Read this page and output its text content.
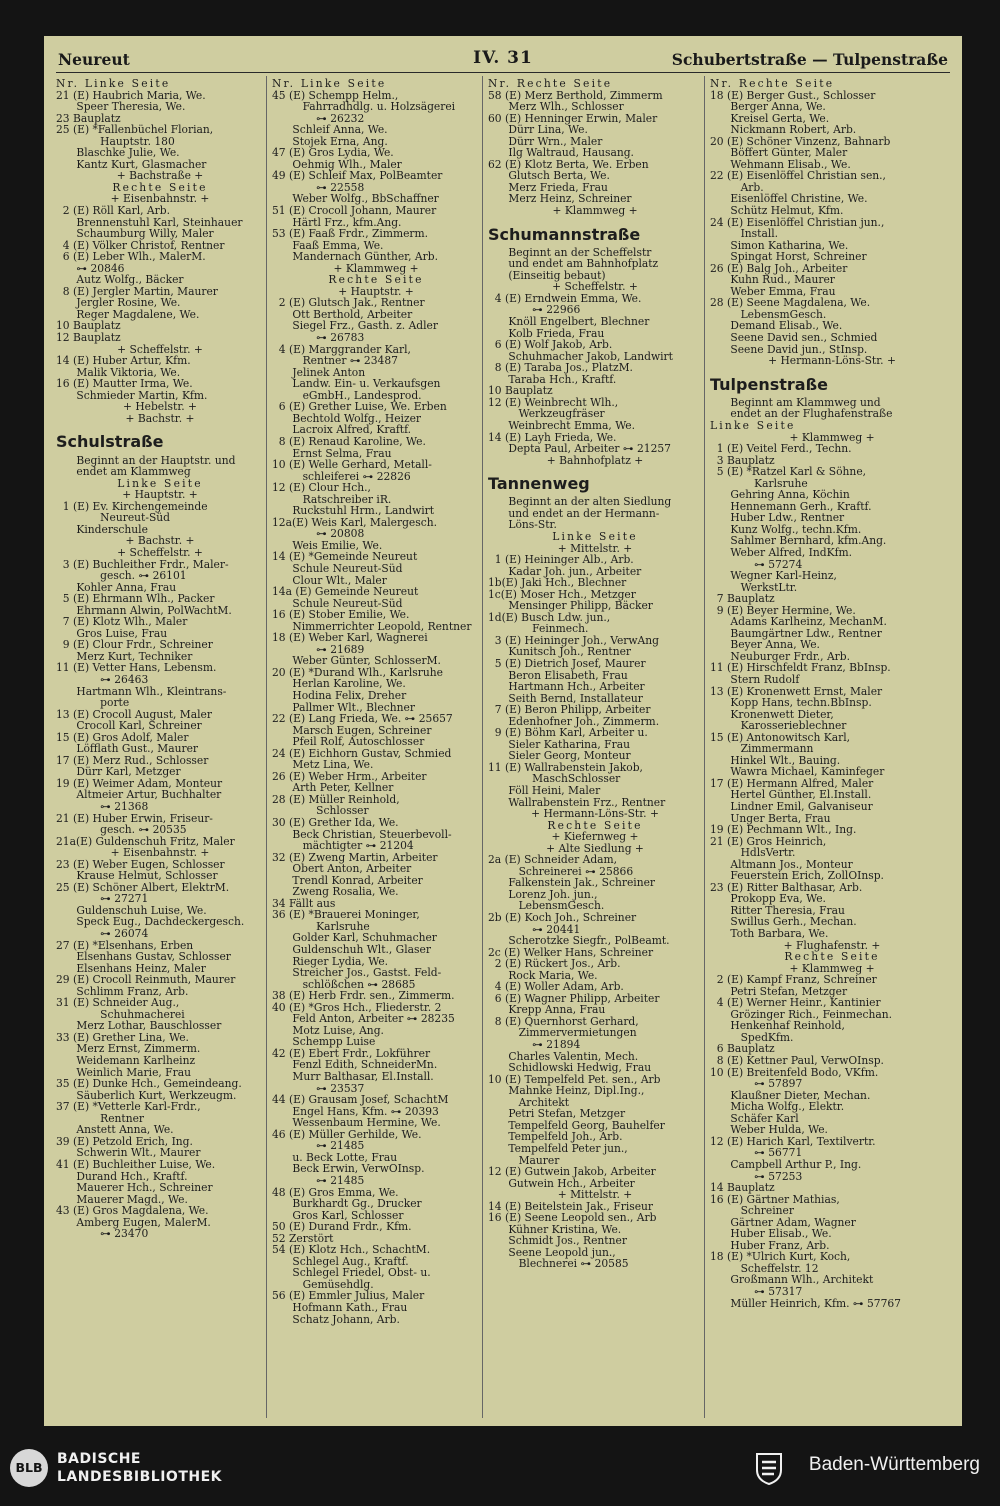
Neureut	IV. 31	Schubertstraße — Tulpenstraße
Nr. Linke Seite
21 (E) Haubrich Maria, We.
Speer Theresia, We.
23 Bauplatz
25 (E) *Fallenbüchel Florian,
Hauptstr. 180
Blaschke Julie, We.
Kantz Kurt, Glasmacher
+ Bachstraße +
Rechte Seite
+ Eisenbahnstr. +
2 (E) Röll Karl, Arb.
Brennenstuhl Karl, Steinhauer
Schaumburg Willy, Maler
4 (E) Völker Christof, Rentner
6 (E) Leber Wlh., MalerM.
⊶ 20846
Autz Wolfg., Bäcker
8 (E) Jergler Martin, Maurer
Jergler Rosine, We.
Reger Magdalene, We.
10 Bauplatz
12 Bauplatz
+ Scheffelstr. +
14 (E) Huber Artur, Kfm.
Malik Viktoria, We.
16 (E) Mautter Irma, We.
Schmieder Martin, Kfm.
+ Hebelstr. +
+ Bachstr. +
Schulstraße
Beginnt an der Hauptstr. und
endet am Klammweg
Linke Seite
+ Hauptstr. +
1 (E) Ev. Kirchengemeinde
Neureut-Süd
Kinderschule
+ Bachstr. +
+ Scheffelstr. +
3 (E) Buchleither Frdr., Maler-
gesch. ⊶ 26101
Kohler Anna, Frau
5 (E) Ehrmann Wlh., Packer
Ehrmann Alwin, PolWachtM.
7 (E) Klotz Wlh., Maler
Gros Luise, Frau
9 (E) Clour Frdr., Schreiner
Merz Kurt, Techniker
11 (E) Vetter Hans, Lebensm.
⊶ 26463
Hartmann Wlh., Kleintrans-
porte
13 (E) Crocoll August, Maler
Crocoll Karl, Schreiner
15 (E) Gros Adolf, Maler
Löfflath Gust., Maurer
17 (E) Merz Rud., Schlosser
Dürr Karl, Metzger
19 (E) Weimer Adam, Monteur
Altmeier Artur, Buchhalter
⊶ 21368
21 (E) Huber Erwin, Friseur-
gesch. ⊶ 20535
21a(E) Guldenschuh Fritz, Maler
+ Eisenbahnstr. +
23 (E) Weber Eugen, Schlosser
Krause Helmut, Schlosser
25 (E) Schöner Albert, ElektrM.
⊶ 27271
Guldenschuh Luise, We.
Speck Eug., Dachdeckergesch.
⊶ 26074
27 (E) *Elsenhans, Erben
Elsenhans Gustav, Schlosser
Elsenhans Heinz, Maler
29 (E) Crocoll Reinmuth, Maurer
Schlimm Franz, Arb.
31 (E) Schneider Aug.,
Schuhmacherei
Merz Lothar, Bauschlosser
33 (E) Grether Lina, We.
Merz Ernst, Zimmerm.
Weidemann Karlheinz
Weinlich Marie, Frau
35 (E) Dunke Hch., Gemeindeang.
Säuberlich Kurt, Werkzeugm.
37 (E) *Vetterle Karl-Frdr.,
Rentner
Anstett Anna, We.
39 (E) Petzold Erich, Ing.
Schwerin Wlt., Maurer
41 (E) Buchleither Luise, We.
Durand Hch., Kraftf.
Mauerer Hch., Schreiner
Mauerer Magd., We.
43 (E) Gros Magdalena, We.
Amberg Eugen, MalerM.
⊶ 23470
Nr. Linke Seite
45 (E) Schempp Helm.,
Fahrradhdlg. u. Holzsägerei
⊶ 26232
Schleif Anna, We.
Stojek Erna, Ang.
47 (E) Gros Lydia, We.
Oehmig Wlh., Maler
49 (E) Schleif Max, PolBeamter
⊶ 22558
Weber Wolfg., BbSchaffner
51 (E) Crocoll Johann, Maurer
Härtl Frz., kfm.Ang.
53 (E) Faaß Frdr., Zimmerm.
Faaß Emma, We.
Mandernach Günther, Arb.
+ Klammweg +
Rechte Seite
+ Hauptstr. +
2 (E) Glutsch Jak., Rentner
Ott Berthold, Arbeiter
Siegel Frz., Gasth. z. Adler
⊶ 26783
4 (E) Marggrander Karl,
Rentner ⊶ 23487
Jelinek Anton
Landw. Ein- u. Verkaufsgen
eGmbH., Landesprod.
6 (E) Grether Luise, We. Erben
Bechtold Wolfg., Heizer
Lacroix Alfred, Kraftf.
8 (E) Renaud Karoline, We.
Ernst Selma, Frau
10 (E) Welle Gerhard, Metall-
schleiferei ⊶ 22826
12 (E) Clour Hch.,
Ratschreiber iR.
Ruckstuhl Hrm., Landwirt
12a(E) Weis Karl, Malergesch.
⊶ 20808
Weis Emilie, We.
14 (E) *Gemeinde Neureut
Schule Neureut-Süd
Clour Wlt., Maler
14a (E) Gemeinde Neureut
Schule Neureut-Süd
16 (E) Stober Emilie, We.
Nimmerrichter Leopold, Rentner
18 (E) Weber Karl, Wagnerei
⊶ 21689
Weber Günter, SchlosserM.
20 (E) *Durand Wlh., Karlsruhe
Herlan Karoline, We.
Hodina Felix, Dreher
Pallmer Wlt., Blechner
22 (E) Lang Frieda, We. ⊶ 25657
Marsch Eugen, Schreiner
Pfeil Rolf, Autoschlosser
24 (E) Eichhorn Gustav, Schmied
Metz Lina, We.
26 (E) Weber Hrm., Arbeiter
Arth Peter, Kellner
28 (E) Müller Reinhold,
Schlosser
30 (E) Grether Ida, We.
Beck Christian, Steuerbevoll-
mächtigter ⊶ 21204
32 (E) Zweng Martin, Arbeiter
Obert Anton, Arbeiter
Trendl Konrad, Arbeiter
Zweng Rosalia, We.
34 Fällt aus
36 (E) *Brauerei Moninger,
Karlsruhe
Golder Karl, Schuhmacher
Guldenschuh Wlt., Glaser
Rieger Lydia, We.
Streicher Jos., Gastst. Feld-
schlößchen ⊶ 28685
38 (E) Herb Frdr. sen., Zimmerm.
40 (E) *Gros Hch., Fliederstr. 2
Feld Anton, Arbeiter ⊶ 28235
Motz Luise, Ang.
Schempp Luise
42 (E) Ebert Frdr., Lokführer
Fenzl Edith, SchneiderMn.
Murr Balthasar, El.Install.
⊶ 23537
44 (E) Grausam Josef, SchachtM
Engel Hans, Kfm. ⊶ 20393
Wessenbaum Hermine, We.
46 (E) Müller Gerhilde, We.
⊶ 21485
u. Beck Lotte, Frau
Beck Erwin, VerwOInsp.
⊶ 21485
48 (E) Gros Emma, We.
Burkhardt Gg., Drucker
Gros Karl, Schlosser
50 (E) Durand Frdr., Kfm.
52 Zerstört
54 (E) Klotz Hch., SchachtM.
Schlegel Aug., Kraftf.
Schlegel Friedel, Obst- u.
Gemüsehdlg.
56 (E) Emmler Julius, Maler
Hofmann Kath., Frau
Schatz Johann, Arb.
Nr. Rechte Seite
58 (E) Merz Berthold, Zimmerm
Merz Wlh., Schlosser
60 (E) Henninger Erwin, Maler
Dürr Lina, We.
Dürr Wrn., Maler
Ilg Waltraud, Hausang.
62 (E) Klotz Berta, We. Erben
Glutsch Berta, We.
Merz Frieda, Frau
Merz Heinz, Schreiner
+ Klammweg +
Schumannstraße
Beginnt an der Scheffelstr
und endet am Bahnhofplatz
(Einseitig bebaut)
+ Scheffelstr. +
4 (E) Erndwein Emma, We.
⊶ 22966
Knöll Engelbert, Blechner
Kolb Frieda, Frau
6 (E) Wolf Jakob, Arb.
Schuhmacher Jakob, Landwirt
8 (E) Taraba Jos., PlatzM.
Taraba Hch., Kraftf.
10 Bauplatz
12 (E) Weinbrecht Wlh.,
Werkzeugfräser
Weinbrecht Emma, We.
14 (E) Layh Frieda, We.
Depta Paul, Arbeiter ⊶ 21257
+ Bahnhofplatz +
Tannenweg
Beginnt an der alten Siedlung
und endet an der Hermann-
Löns-Str.
Linke Seite
+ Mittelstr. +
1 (E) Heininger Alb., Arb.
Kadar Joh. jun., Arbeiter
1b(E) Jaki Hch., Blechner
1c(E) Moser Hch., Metzger
Mensinger Philipp, Bäcker
1d(E) Busch Ldw. jun.,
Feinmech.
3 (E) Heininger Joh., VerwAng
Kunitsch Joh., Rentner
5 (E) Dietrich Josef, Maurer
Beron Elisabeth, Frau
Hartmann Hch., Arbeiter
Seith Bernd, Installateur
7 (E) Beron Philipp, Arbeiter
Edenhofner Joh., Zimmerm.
9 (E) Böhm Karl, Arbeiter u.
Sieler Katharina, Frau
Sieler Georg, Monteur
11 (E) Wallrabenstein Jakob,
MaschSchlosser
Föll Heini, Maler
Wallrabenstein Frz., Rentner
+ Hermann-Löns-Str. +
Rechte Seite
+ Kiefernweg +
+ Alte Siedlung +
2a (E) Schneider Adam,
Schreinerei ⊶ 25866
Falkenstein Jak., Schreiner
Lorenz Joh. jun.,
LebensmGesch.
2b (E) Koch Joh., Schreiner
⊶ 20441
Scherotzke Siegfr., PolBeamt.
2c (E) Welker Hans, Schreiner
2 (E) Rückert Jos., Arb.
Rock Maria, We.
4 (E) Woller Adam, Arb.
6 (E) Wagner Philipp, Arbeiter
Krepp Anna, Frau
8 (E) Quernhorst Gerhard,
Zimmervermietungen
⊶ 21894
Charles Valentin, Mech.
Schidlowski Hedwig, Frau
10 (E) Tempelfeld Pet. sen., Arb
Mahnke Heinz, Dipl.Ing.,
Architekt
Petri Stefan, Metzger
Tempelfeld Georg, Bauhelfer
Tempelfeld Joh., Arb.
Tempelfeld Peter jun.,
Maurer
12 (E) Gutwein Jakob, Arbeiter
Gutwein Hch., Arbeiter
+ Mittelstr. +
14 (E) Beitelstein Jak., Friseur
16 (E) Seene Leopold sen., Arb
Kühner Kristina, We.
Schmidt Jos., Rentner
Seene Leopold jun.,
Blechnerei ⊶ 20585
Nr. Rechte Seite
18 (E) Berger Gust., Schlosser
Berger Anna, We.
Kreisel Gerta, We.
Nickmann Robert, Arb.
20 (E) Schöner Vinzenz, Bahnarb
Böffert Günter, Maler
Wehmann Elisab., We.
22 (E) Eisenlöffel Christian sen.,
Arb.
Eisenlöffel Christine, We.
Schütz Helmut, Kfm.
24 (E) Eisenlöffel Christian jun.,
Install.
Simon Katharina, We.
Spingat Horst, Schreiner
26 (E) Balg Joh., Arbeiter
Kuhn Rud., Maurer
Weber Emma, Frau
28 (E) Seene Magdalena, We.
LebensmGesch.
Demand Elisab., We.
Seene David sen., Schmied
Seene David jun., StInsp.
+ Hermann-Löns-Str. +
Tulpenstraße
Beginnt am Klammweg und
endet an der Flughafenstraße
Linke Seite
+ Klammweg +
1 (E) Veitel Ferd., Techn.
3 Bauplatz
5 (E) *Ratzel Karl & Söhne,
Karlsruhe
Gehring Anna, Köchin
Hennemann Gerh., Kraftf.
Huber Ldw., Rentner
Kunz Wolfg., techn.Kfm.
Sahlmer Bernhard, kfm.Ang.
Weber Alfred, IndKfm.
⊶ 57274
Wegner Karl-Heinz,
WerkstLtr.
7 Bauplatz
9 (E) Beyer Hermine, We.
Adams Karlheinz, MechanM.
Baumgärtner Ldw., Rentner
Beyer Anna, We.
Neuburger Frdr., Arb.
11 (E) Hirschfeldt Franz, BbInsp.
Stern Rudolf
13 (E) Kronenwett Ernst, Maler
Kopp Hans, techn.BbInsp.
Kronenwett Dieter,
Karosserieblechner
15 (E) Antonowitsch Karl,
Zimmermann
Hinkel Wlt., Bauing.
Wawra Michael, Kaminfeger
17 (E) Hermann Alfred, Maler
Hertel Günther, El.Install.
Lindner Emil, Galvaniseur
Unger Berta, Frau
19 (E) Pechmann Wlt., Ing.
21 (E) Gros Heinrich,
HdlsVertr.
Altmann Jos., Monteur
Feuerstein Erich, ZollOInsp.
23 (E) Ritter Balthasar, Arb.
Prokopp Eva, We.
Ritter Theresia, Frau
Swillus Gerh., Mechan.
Toth Barbara, We.
+ Flughafenstr. +
Rechte Seite
+ Klammweg +
2 (E) Kampf Franz, Schreiner
Petri Stefan, Metzger
4 (E) Werner Heinr., Kantinier
Grözinger Rich., Feinmechan.
Henkenhaf Reinhold,
SpedKfm.
6 Bauplatz
8 (E) Kettner Paul, VerwOInsp.
10 (E) Breitenfeld Bodo, VKfm.
⊶ 57897
Klaußner Dieter, Mechan.
Micha Wolfg., Elektr.
Schäfer Karl
Weber Hulda, We.
12 (E) Harich Karl, Textilvertr.
⊶ 56771
Campbell Arthur P., Ing.
⊶ 57253
14 Bauplatz
16 (E) Gärtner Mathias,
Schreiner
Gärtner Adam, Wagner
Huber Elisab., We.
Huber Franz, Arb.
18 (E) *Ulrich Kurt, Koch,
Scheffelstr. 12
Großmann Wlh., Architekt
⊶ 57317
Müller Heinrich, Kfm. ⊶ 57767
BLB
BADISCHE
LANDESBIBLIOTHEK
Baden-Württemberg
